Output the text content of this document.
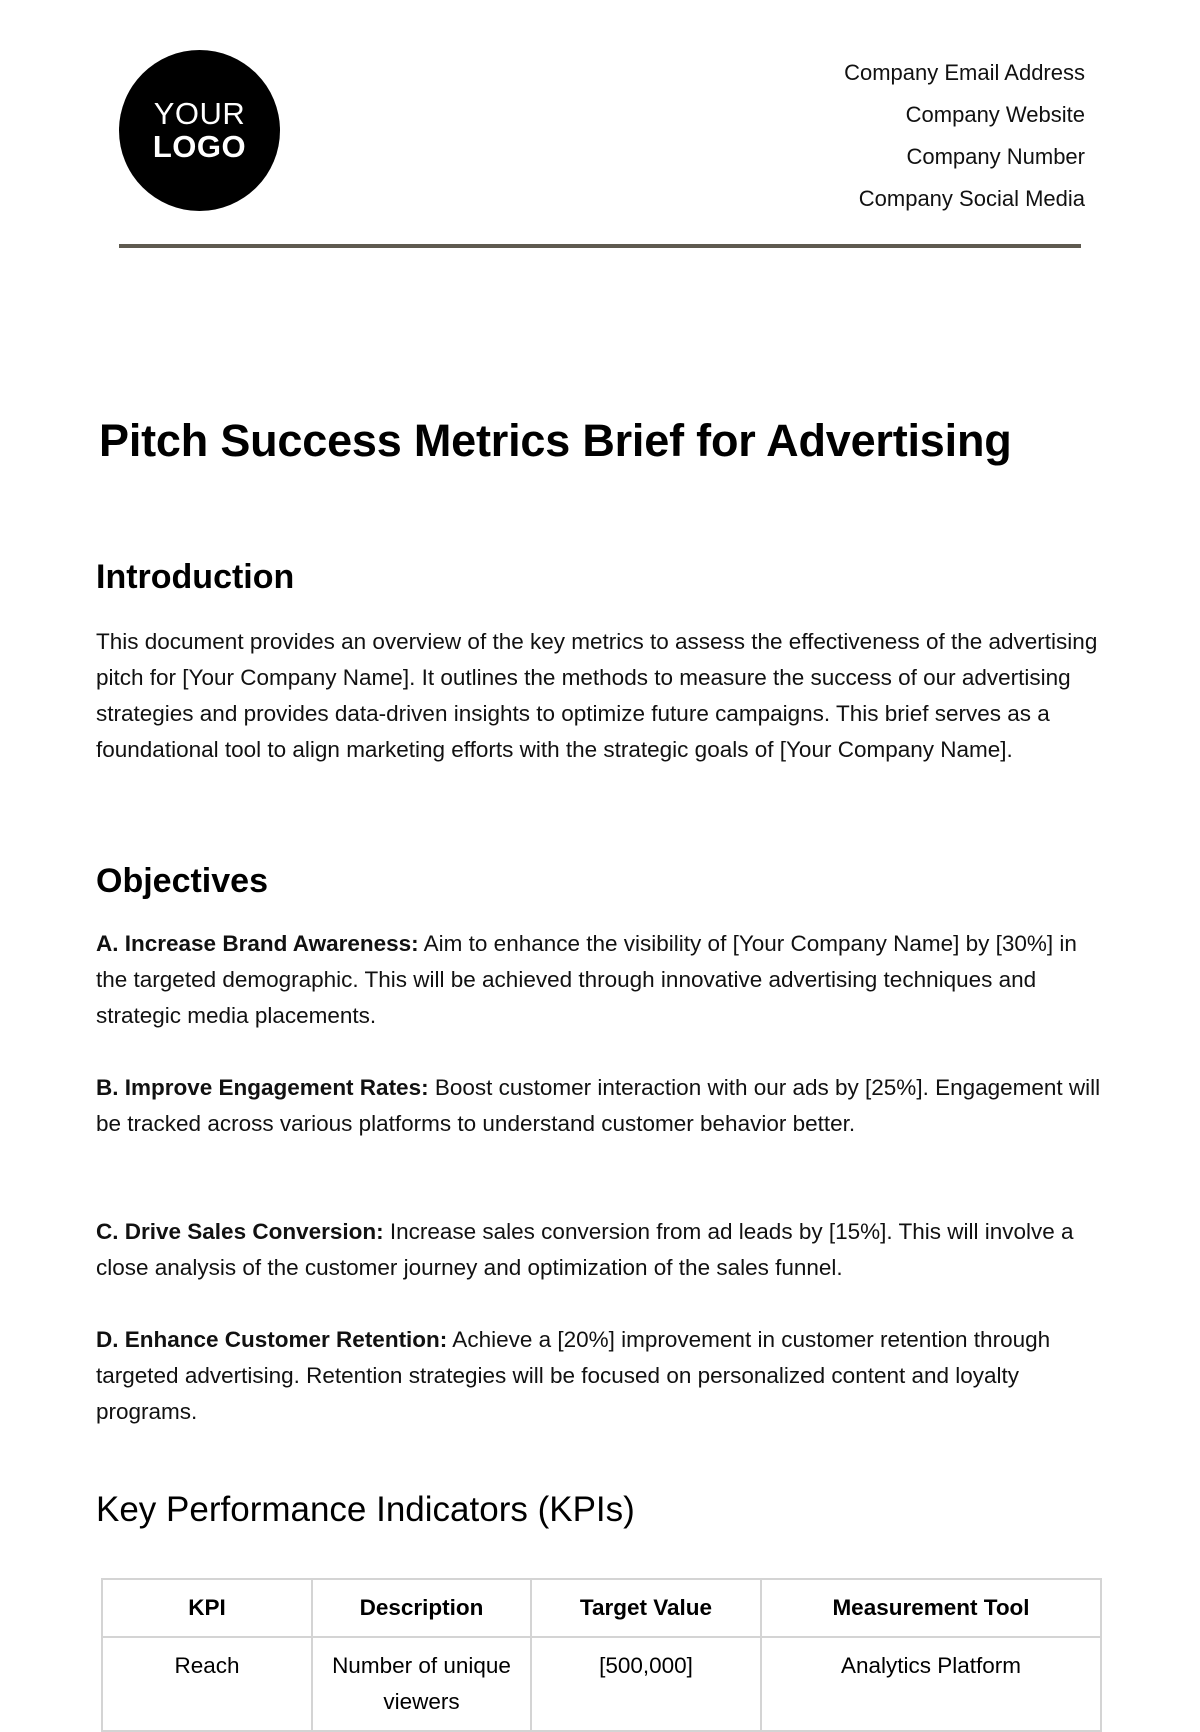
YOUR
LOGO
Company Email Address
Company Website
Company Number
Company Social Media
Pitch Success Metrics Brief for Advertising
Introduction

This document provides an overview of the key metrics to assess the effectiveness of the advertising pitch for [Your Company Name]. It outlines the methods to measure the success of our advertising strategies and provides data-driven insights to optimize future campaigns. This brief serves as a foundational tool to align marketing efforts with the strategic goals of [Your Company Name].

Objectives

A. Increase Brand Awareness: Aim to enhance the visibility of [Your Company Name] by [30%] in the targeted demographic. This will be achieved through innovative advertising techniques and strategic media placements.

B. Improve Engagement Rates: Boost customer interaction with our ads by [25%]. Engagement will be tracked across various platforms to understand customer behavior better.

C. Drive Sales Conversion: Increase sales conversion from ad leads by [15%]. This will involve a close analysis of the customer journey and optimization of the sales funnel.

D. Enhance Customer Retention: Achieve a [20%] improvement in customer retention through targeted advertising. Retention strategies will be focused on personalized content and loyalty programs.

Key Performance Indicators (KPIs)
KPI	Description	Target Value	Measurement Tool
Reach	Number of unique viewers	[500,000]	Analytics Platform
